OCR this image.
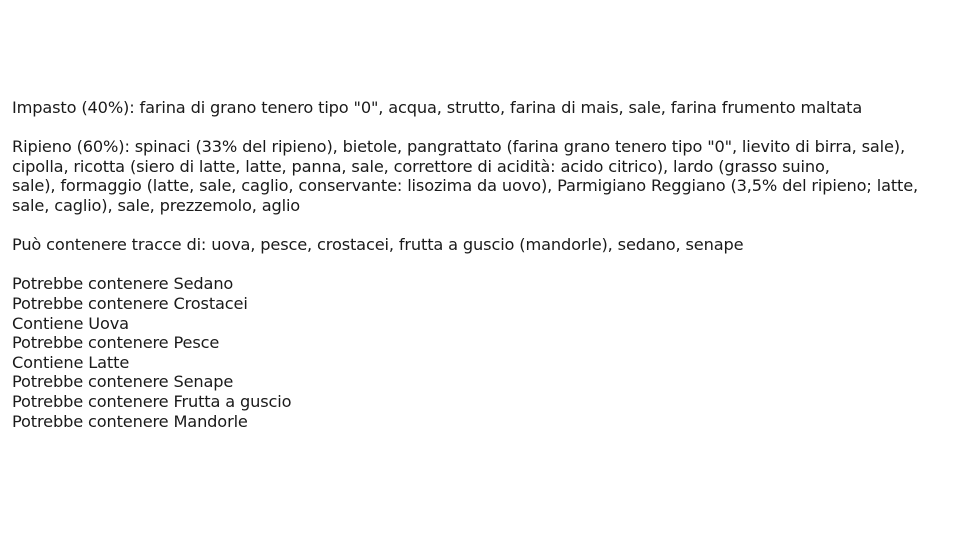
Impasto (40%): farina di grano tenero tipo "0", acqua, strutto, farina di mais, sale, farina frumento maltata

Ripieno (60%): spinaci (33% del ripieno), bietole, pangrattato (farina grano tenero tipo "0", lievito di birra, sale),
cipolla, ricotta (siero di latte, latte, panna, sale, correttore di acidità: acido citrico), lardo (grasso suino,
sale), formaggio (latte, sale, caglio, conservante: lisozima da uovo), Parmigiano Reggiano (3,5% del ripieno; latte,
sale, caglio), sale, prezzemolo, aglio

Può contenere tracce di: uova, pesce, crostacei, frutta a guscio (mandorle), sedano, senape

Potrebbe contenere Sedano
Potrebbe contenere Crostacei
Contiene Uova
Potrebbe contenere Pesce
Contiene Latte
Potrebbe contenere Senape
Potrebbe contenere Frutta a guscio
Potrebbe contenere Mandorle
